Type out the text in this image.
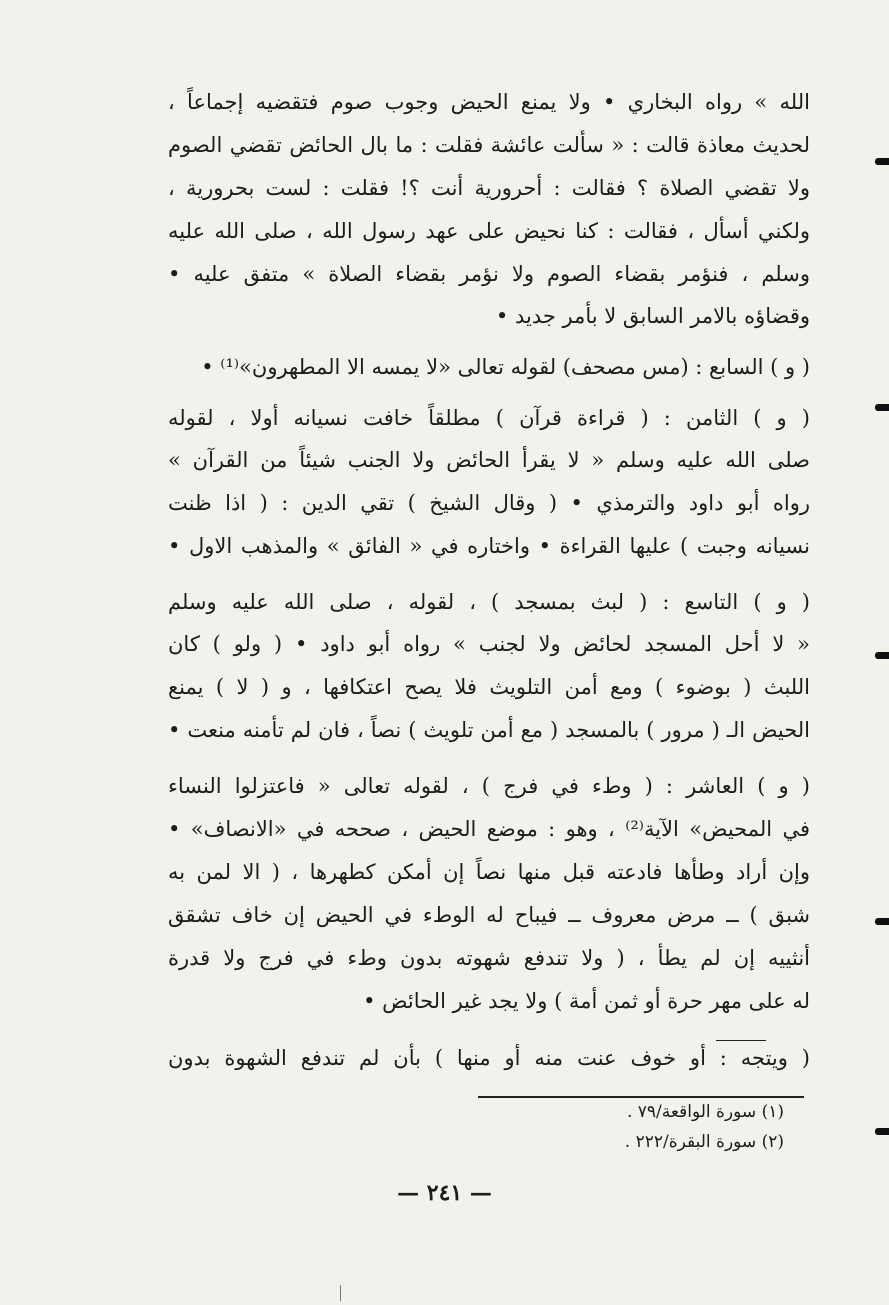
الله » رواه البخاري • ولا يمنع الحيض وجوب صوم فتقضيه إجماعاً ،
لحديث معاذة قالت : « سألت عائشة فقلت : ما بال الحائض تقضي الصوم
ولا تقضي الصلاة ؟ فقالت : أحرورية أنت ؟! فقلت : لست بحرورية ،
ولكني أسأل ، فقالت : كنا نحيض على عهد رسول الله ، صلى الله عليه
وسلم ، فنؤمر بقضاء الصوم ولا نؤمر بقضاء الصلاة » متفق عليه •
وقضاؤه بالامر السابق لا بأمر جديد •
( و ) السابع : (مس مصحف) لقوله تعالى «لا يمسه الا المطهرون»⁽¹⁾ •
( و ) الثامن : ( قراءة قرآن ) مطلقاً خافت نسيانه أولا ، لقوله
صلى الله عليه وسلم « لا يقرأ الحائض ولا الجنب شيئاً من القرآن »
رواه أبو داود والترمذي • ( وقال الشيخ ) تقي الدين : ( اذا ظنت
نسيانه وجبت ) عليها القراءة • واختاره في « الفائق » والمذهب الاول •
( و ) التاسع : ( لبث بمسجد ) ، لقوله ، صلى الله عليه وسلم
« لا أحل المسجد لحائض ولا لجنب » رواه أبو داود • ( ولو ) كان
اللبث ( بوضوء ) ومع أمن التلويث فلا يصح اعتكافها ، و ( لا ) يمنع
الحيض الـ ( مرور ) بالمسجد ( مع أمن تلويث ) نصاً ، فان لم تأمنه منعت •
( و ) العاشر : ( وطء في فرج ) ، لقوله تعالى « فاعتزلوا النساء
في المحيض» الآية⁽²⁾ ، وهو : موضع الحيض ، صححه في «الانصاف» •
وإن أراد وطأها فادعته قبل منها نصاً إن أمكن كطهرها ، ( الا لمن به
شبق ) ــ مرض معروف ــ فيباح له الوطء في الحيض إن خاف تشقق
أنثييه إن لم يطأ ، ( ولا تندفع شهوته بدون وطء في فرج ولا قدرة
له على مهر حرة أو ثمن أمة ) ولا يجد غير الحائض •
( ويتجه : أو خوف عنت منه أو منها ) بأن لم تندفع الشهوة بدون
(١) سورة الواقعة/٧٩ .
(٢) سورة البقرة/٢٢٢ .
— ٢٤١ —
